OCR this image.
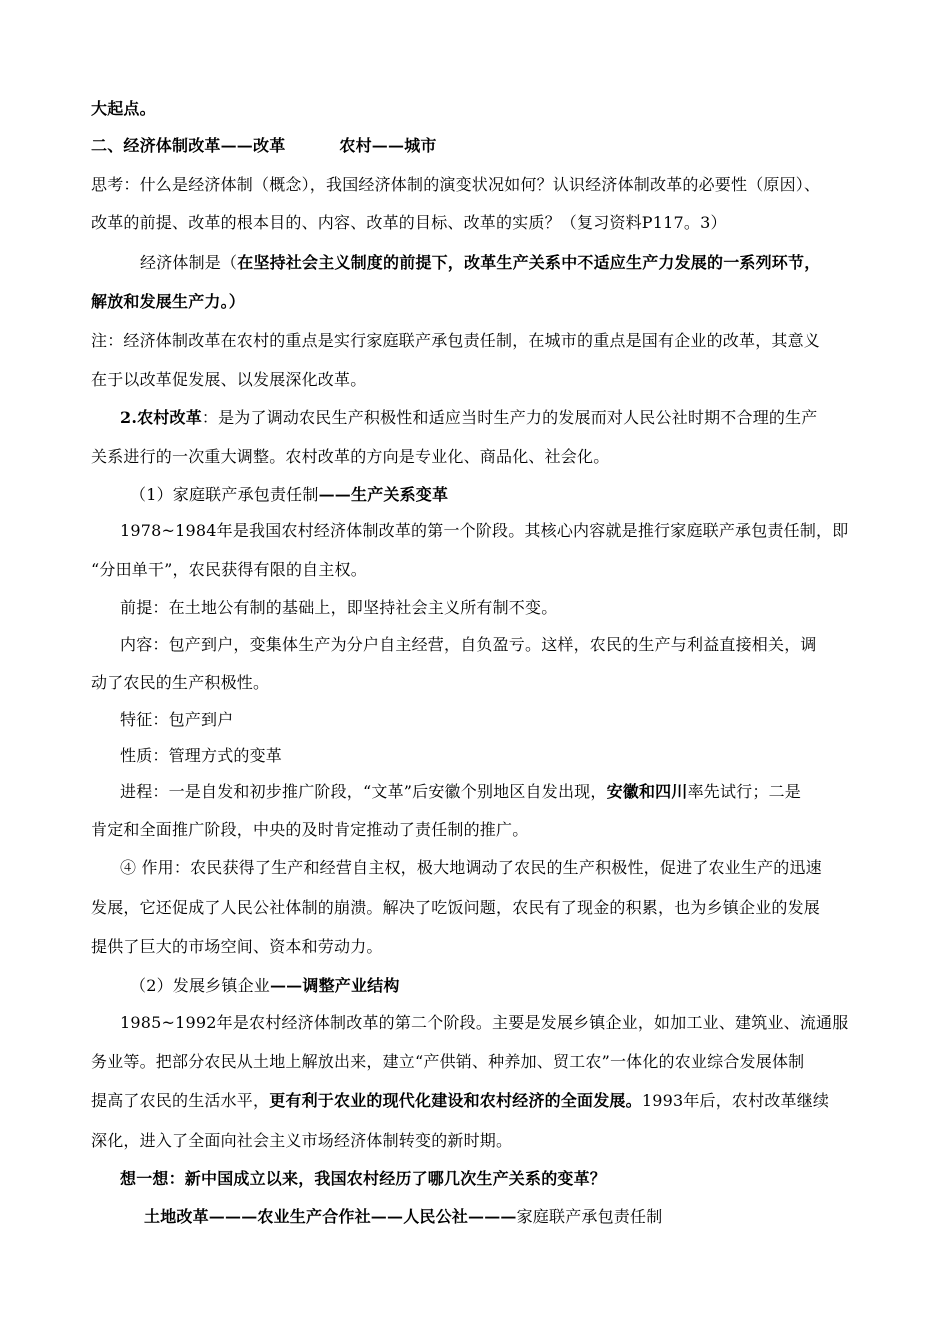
大起点。
二、经济体制改革——改革	农村——城市
思考：什么是经济体制（概念），我国经济体制的演变状况如何？认识经济体制改革的必要性（原因）、
改革的前提、改革的根本目的、内容、改革的目标、改革的实质？（复习资料P117。3）
经济体制是（在坚持社会主义制度的前提下，改革生产关系中不适应生产力发展的一系列环节，
解放和发展生产力。）
注：经济体制改革在农村的重点是实行家庭联产承包责任制，在城市的重点是国有企业的改革，其意义
在于以改革促发展、以发展深化改革。
2.农村改革：是为了调动农民生产积极性和适应当时生产力的发展而对人民公社时期不合理的生产
关系进行的一次重大调整。农村改革的方向是专业化、商品化、社会化。
（1）家庭联产承包责任制——生产关系变革
1978~1984年是我国农村经济体制改革的第一个阶段。其核心内容就是推行家庭联产承包责任制，即
“分田单干”，农民获得有限的自主权。
前提：在土地公有制的基础上，即坚持社会主义所有制不变。
内容：包产到户，变集体生产为分户自主经营，自负盈亏。这样，农民的生产与利益直接相关，调
动了农民的生产积极性。
特征：包产到户
性质：管理方式的变革
进程：一是自发和初步推广阶段，“文革”后安徽个别地区自发出现，安徽和四川率先试行；二是
肯定和全面推广阶段，中央的及时肯定推动了责任制的推广。
④ 作用：农民获得了生产和经营自主权，极大地调动了农民的生产积极性，促进了农业生产的迅速
发展，它还促成了人民公社体制的崩溃。解决了吃饭问题，农民有了现金的积累，也为乡镇企业的发展
提供了巨大的市场空间、资本和劳动力。
（2）发展乡镇企业——调整产业结构
1985~1992年是农村经济体制改革的第二个阶段。主要是发展乡镇企业，如加工业、建筑业、流通服
务业等。把部分农民从土地上解放出来，建立“产供销、种养加、贸工农”一体化的农业综合发展体制
提高了农民的生活水平，更有利于农业的现代化建设和农村经济的全面发展。1993年后，农村改革继续
深化，进入了全面向社会主义市场经济体制转变的新时期。
想一想：新中国成立以来，我国农村经历了哪几次生产关系的变革？
土地改革———农业生产合作社——人民公社———家庭联产承包责任制
